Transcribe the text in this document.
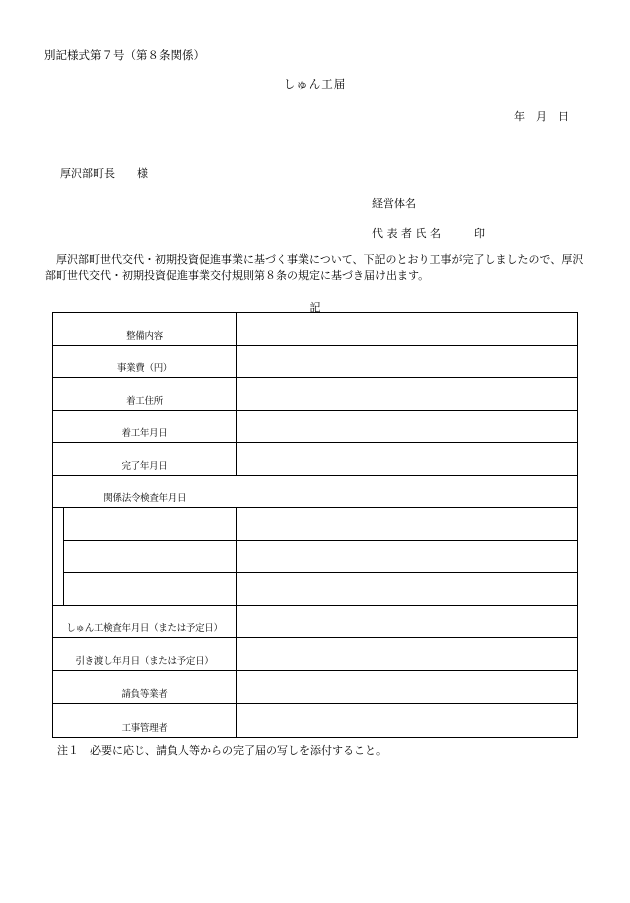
別記様式第７号（第８条関係）
しゅん工届
年　月　日
厚沢部町長　　様
経営体名
代 表 者 氏 名　　　印
　厚沢部町世代交代・初期投資促進事業に基づく事業について、下記のとおり工事が完了しましたので、厚沢部町世代交代・初期投資促進事業交付規則第８条の規定に基づき届け出ます。
記
整備内容		
事業費（円）		
着工住所		
着工年月日		
完了年月日		
関係法令検査年月日		

しゅん工検査年月日（または予定日）		
引き渡し年月日（または予定日）		
請負等業者		
工事管理者		
注１　必要に応じ、請負人等からの完了届の写しを添付すること。
